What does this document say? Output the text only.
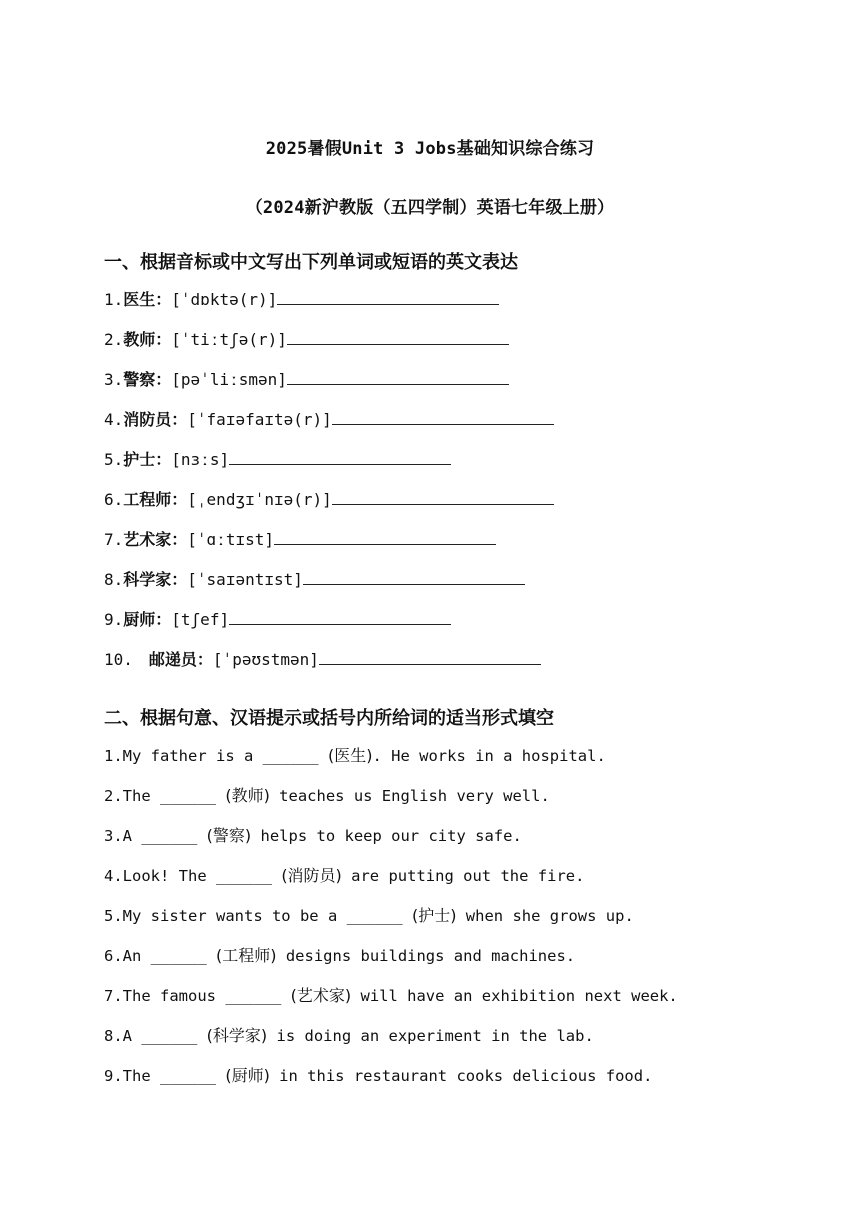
2025暑假Unit 3 Jobs基础知识综合练习
（2024新沪教版（五四学制）英语七年级上册）
一、根据音标或中文写出下列单词或短语的英文表达
1.医生：[ˈdɒktə(r)]
2.教师：[ˈtiːtʃə(r)]
3.警察：[pəˈliːsmən]
4.消防员：[ˈfaɪəfaɪtə(r)]
5.护士：[nɜːs]
6.工程师：[ˌendʒɪˈnɪə(r)]
7.艺术家：[ˈɑːtɪst]
8.科学家：[ˈsaɪəntɪst]
9.厨师：[tʃef]
10.　邮递员：[ˈpəʊstmən]
二、根据句意、汉语提示或括号内所给词的适当形式填空
1.My father is a ______ (医生). He works in a hospital.
2.The ______ (教师) teaches us English very well.
3.A ______ (警察) helps to keep our city safe.
4.Look! The ______ (消防员) are putting out the fire.
5.My sister wants to be a ______ (护士) when she grows up.
6.An ______ (工程师) designs buildings and machines.
7.The famous ______ (艺术家) will have an exhibition next week.
8.A ______ (科学家) is doing an experiment in the lab.
9.The ______ (厨师) in this restaurant cooks delicious food.
